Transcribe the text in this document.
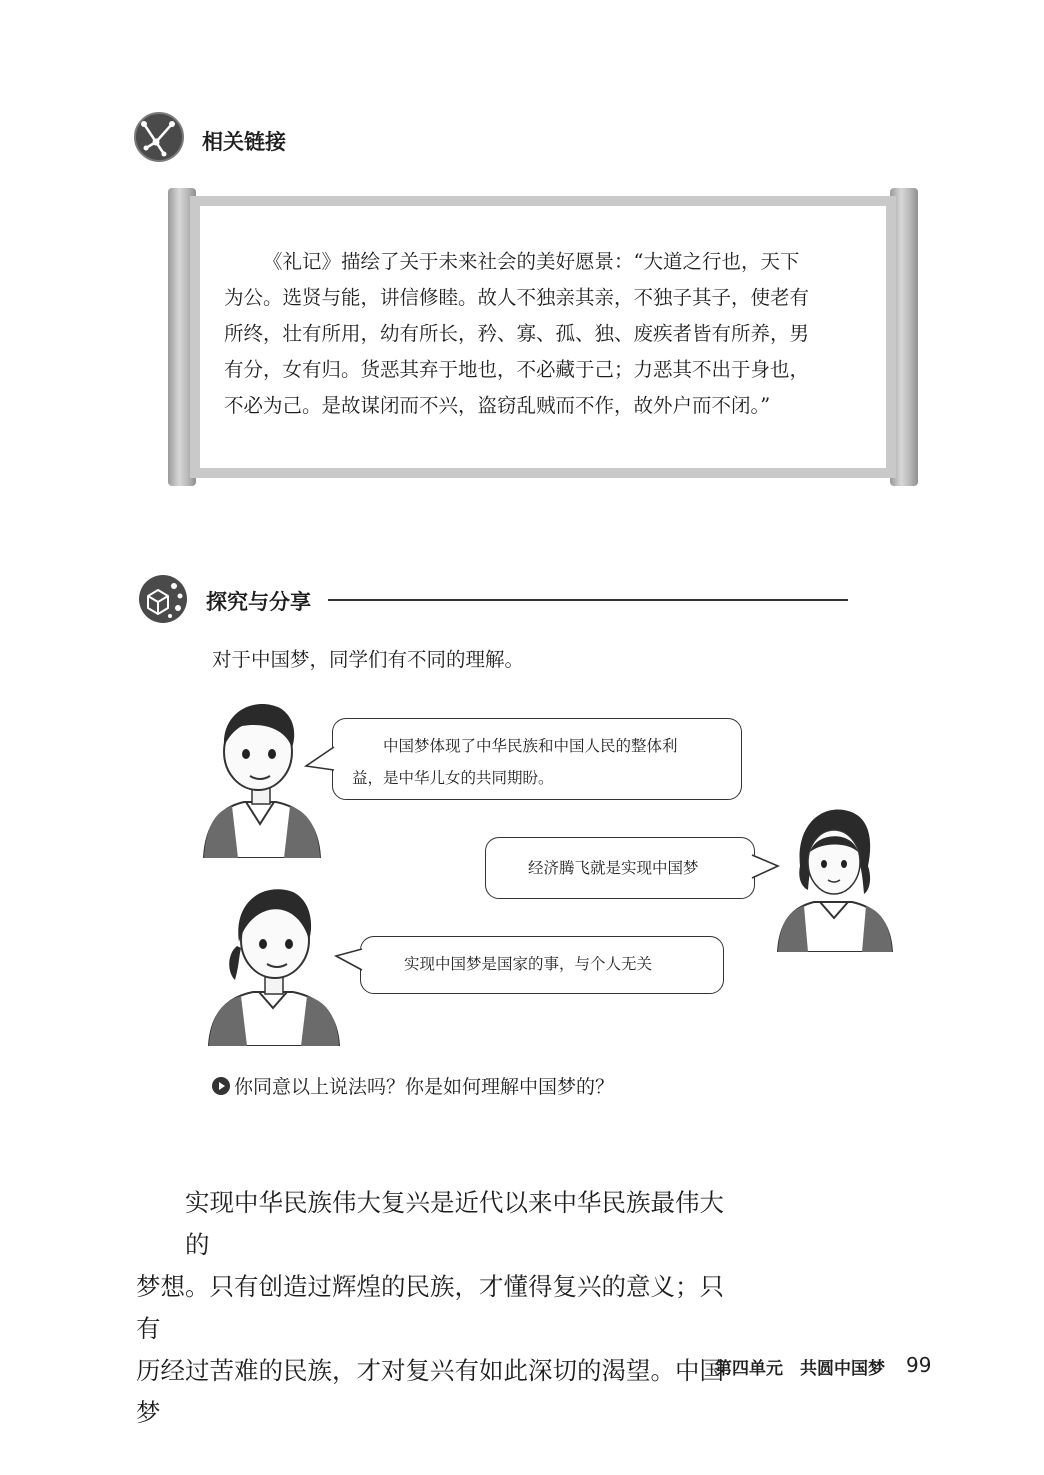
相关链接
《礼记》描绘了关于未来社会的美好愿景：“大道之行也，天下
为公。选贤与能，讲信修睦。故人不独亲其亲，不独子其子，使老有
所终，壮有所用，幼有所长，矜、寡、孤、独、废疾者皆有所养，男
有分，女有归。货恶其弃于地也，不必藏于己；力恶其不出于身也，
不必为己。是故谋闭而不兴，盗窃乱贼而不作，故外户而不闭。”
探究与分享
对于中国梦，同学们有不同的理解。
中国梦体现了中华民族和中国人民的整体利
益，是中华儿女的共同期盼。
经济腾飞就是实现中国梦
实现中国梦是国家的事，与个人无关
你同意以上说法吗？你是如何理解中国梦的？
实现中华民族伟大复兴是近代以来中华民族最伟大的
梦想。只有创造过辉煌的民族，才懂得复兴的意义；只有
历经过苦难的民族，才对复兴有如此深切的渴望。中国梦
第四单元　共圆中国梦 99
